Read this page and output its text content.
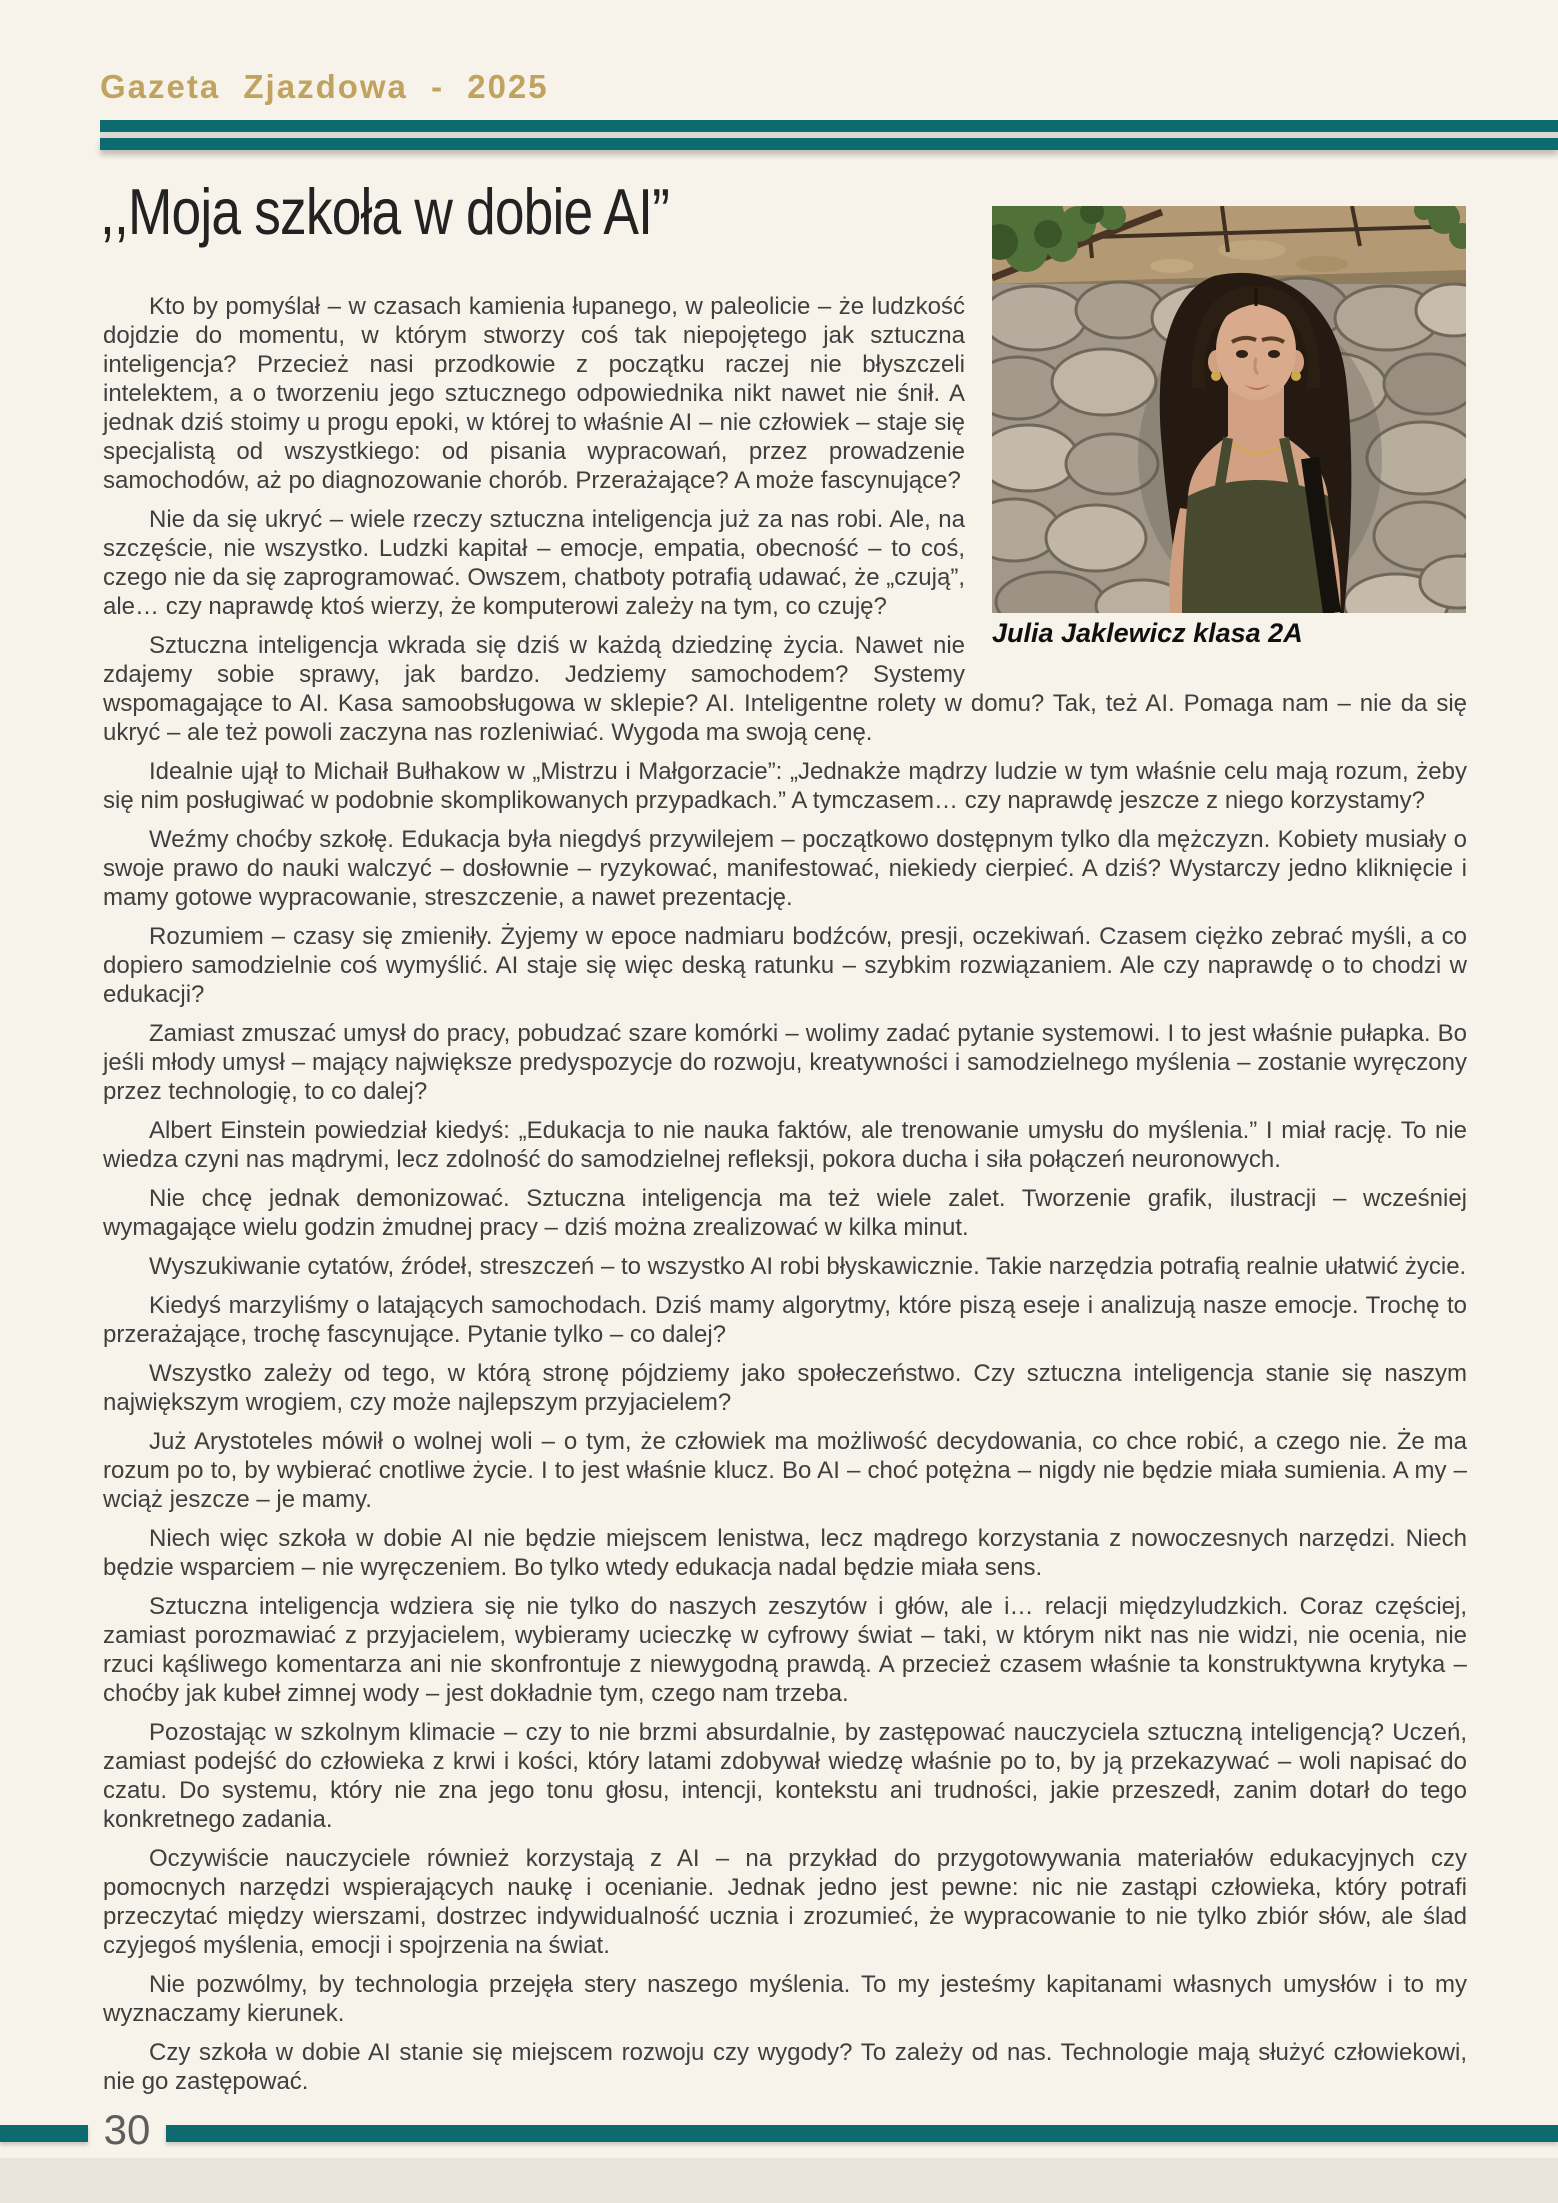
Gazeta Zjazdowa - 2025
,,Moja szkoła w dobie AI”
Julia Jaklewicz klasa 2A

Kto by pomyślał – w czasach kamienia łupanego, w paleolicie – że ludzkość dojdzie do momentu, w którym stworzy coś tak niepojętego jak sztuczna inteligencja? Przecież nasi przodkowie z początku raczej nie błyszczeli intelektem, a o tworzeniu jego sztucznego odpowiednika nikt nawet nie śnił. A jednak dziś stoimy u progu epoki, w której to właśnie AI – nie człowiek – staje się specjalistą od wszystkiego: od pisania wypracowań, przez prowadzenie samochodów, aż po diagnozowanie chorób. Przerażające? A może fascynujące?

Nie da się ukryć – wiele rzeczy sztuczna inteligencja już za nas robi. Ale, na szczęście, nie wszystko. Ludzki kapitał – emocje, empatia, obecność – to coś, czego nie da się zaprogramować. Owszem, chatboty potrafią udawać, że „czują”, ale… czy naprawdę ktoś wierzy, że komputerowi zależy na tym, co czuję?

Sztuczna inteligencja wkrada się dziś w każdą dziedzinę życia. Nawet nie zdajemy sobie sprawy, jak bardzo. Jedziemy samochodem? Systemy wspomagające to AI. Kasa samoobsługowa w sklepie? AI. Inteligentne rolety w domu? Tak, też AI. Pomaga nam – nie da się ukryć – ale też powoli zaczyna nas rozleniwiać. Wygoda ma swoją cenę.

Idealnie ujął to Michaił Bułhakow w „Mistrzu i Małgorzacie”: „Jednakże mądrzy ludzie w tym właśnie celu mają rozum, żeby się nim posługiwać w podobnie skomplikowanych przypadkach.” A tymczasem… czy naprawdę jeszcze z niego korzystamy?

Weźmy choćby szkołę. Edukacja była niegdyś przywilejem – początkowo dostępnym tylko dla mężczyzn. Kobiety musiały o swoje prawo do nauki walczyć – dosłownie – ryzykować, manifestować, niekiedy cierpieć. A dziś? Wystarczy jedno kliknięcie i mamy gotowe wypracowanie, streszczenie, a nawet prezentację.

Rozumiem – czasy się zmieniły. Żyjemy w epoce nadmiaru bodźców, presji, oczekiwań. Czasem ciężko zebrać myśli, a co dopiero samodzielnie coś wymyślić. AI staje się więc deską ratunku – szybkim rozwiązaniem. Ale czy naprawdę o to chodzi w edukacji?

Zamiast zmuszać umysł do pracy, pobudzać szare komórki – wolimy zadać pytanie systemowi. I to jest właśnie pułapka. Bo jeśli młody umysł – mający największe predyspozycje do rozwoju, kreatywności i samodzielnego myślenia – zostanie wyręczony przez technologię, to co dalej?

Albert Einstein powiedział kiedyś: „Edukacja to nie nauka faktów, ale trenowanie umysłu do myślenia.” I miał rację. To nie wiedza czyni nas mądrymi, lecz zdolność do samodzielnej refleksji, pokora ducha i siła połączeń neuronowych.

Nie chcę jednak demonizować. Sztuczna inteligencja ma też wiele zalet. Tworzenie grafik, ilustracji – wcześniej wymagające wielu godzin żmudnej pracy – dziś można zrealizować w kilka minut.

Wyszukiwanie cytatów, źródeł, streszczeń – to wszystko AI robi błyskawicznie. Takie narzędzia potrafią realnie ułatwić życie.

Kiedyś marzyliśmy o latających samochodach. Dziś mamy algorytmy, które piszą eseje i analizują nasze emocje. Trochę to przerażające, trochę fascynujące. Pytanie tylko – co dalej?

Wszystko zależy od tego, w którą stronę pójdziemy jako społeczeństwo. Czy sztuczna inteligencja stanie się naszym największym wrogiem, czy może najlepszym przyjacielem?

Już Arystoteles mówił o wolnej woli – o tym, że człowiek ma możliwość decydowania, co chce robić, a czego nie. Że ma rozum po to, by wybierać cnotliwe życie. I to jest właśnie klucz. Bo AI – choć potężna – nigdy nie będzie miała sumienia. A my – wciąż jeszcze – je mamy.

Niech więc szkoła w dobie AI nie będzie miejscem lenistwa, lecz mądrego korzystania z nowoczesnych narzędzi. Niech będzie wsparciem – nie wyręczeniem. Bo tylko wtedy edukacja nadal będzie miała sens.

Sztuczna inteligencja wdziera się nie tylko do naszych zeszytów i głów, ale i… relacji międzyludzkich. Coraz częściej, zamiast porozmawiać z przyjacielem, wybieramy ucieczkę w cyfrowy świat – taki, w którym nikt nas nie widzi, nie ocenia, nie rzuci kąśliwego komentarza ani nie skonfrontuje z niewygodną prawdą. A przecież czasem właśnie ta konstruktywna krytyka – choćby jak kubeł zimnej wody – jest dokładnie tym, czego nam trzeba.

Pozostając w szkolnym klimacie – czy to nie brzmi absurdalnie, by zastępować nauczyciela sztuczną inteligencją? Uczeń, zamiast podejść do człowieka z krwi i kości, który latami zdobywał wiedzę właśnie po to, by ją przekazywać – woli napisać do czatu. Do systemu, który nie zna jego tonu głosu, intencji, kontekstu ani trudności, jakie przeszedł, zanim dotarł do tego konkretnego zadania.

Oczywiście nauczyciele również korzystają z AI – na przykład do przygotowywania materiałów edukacyjnych czy pomocnych narzędzi wspierających naukę i ocenianie. Jednak jedno jest pewne: nic nie zastąpi człowieka, który potrafi przeczytać między wierszami, dostrzec indywidualność ucznia i zrozumieć, że wypracowanie to nie tylko zbiór słów, ale ślad czyjegoś myślenia, emocji i spojrzenia na świat.

Nie pozwólmy, by technologia przejęła stery naszego myślenia. To my jesteśmy kapitanami własnych umysłów i to my wyznaczamy kierunek.

Czy szkoła w dobie AI stanie się miejscem rozwoju czy wygody? To zależy od nas. Technologie mają służyć człowiekowi, nie go zastępować.

30
